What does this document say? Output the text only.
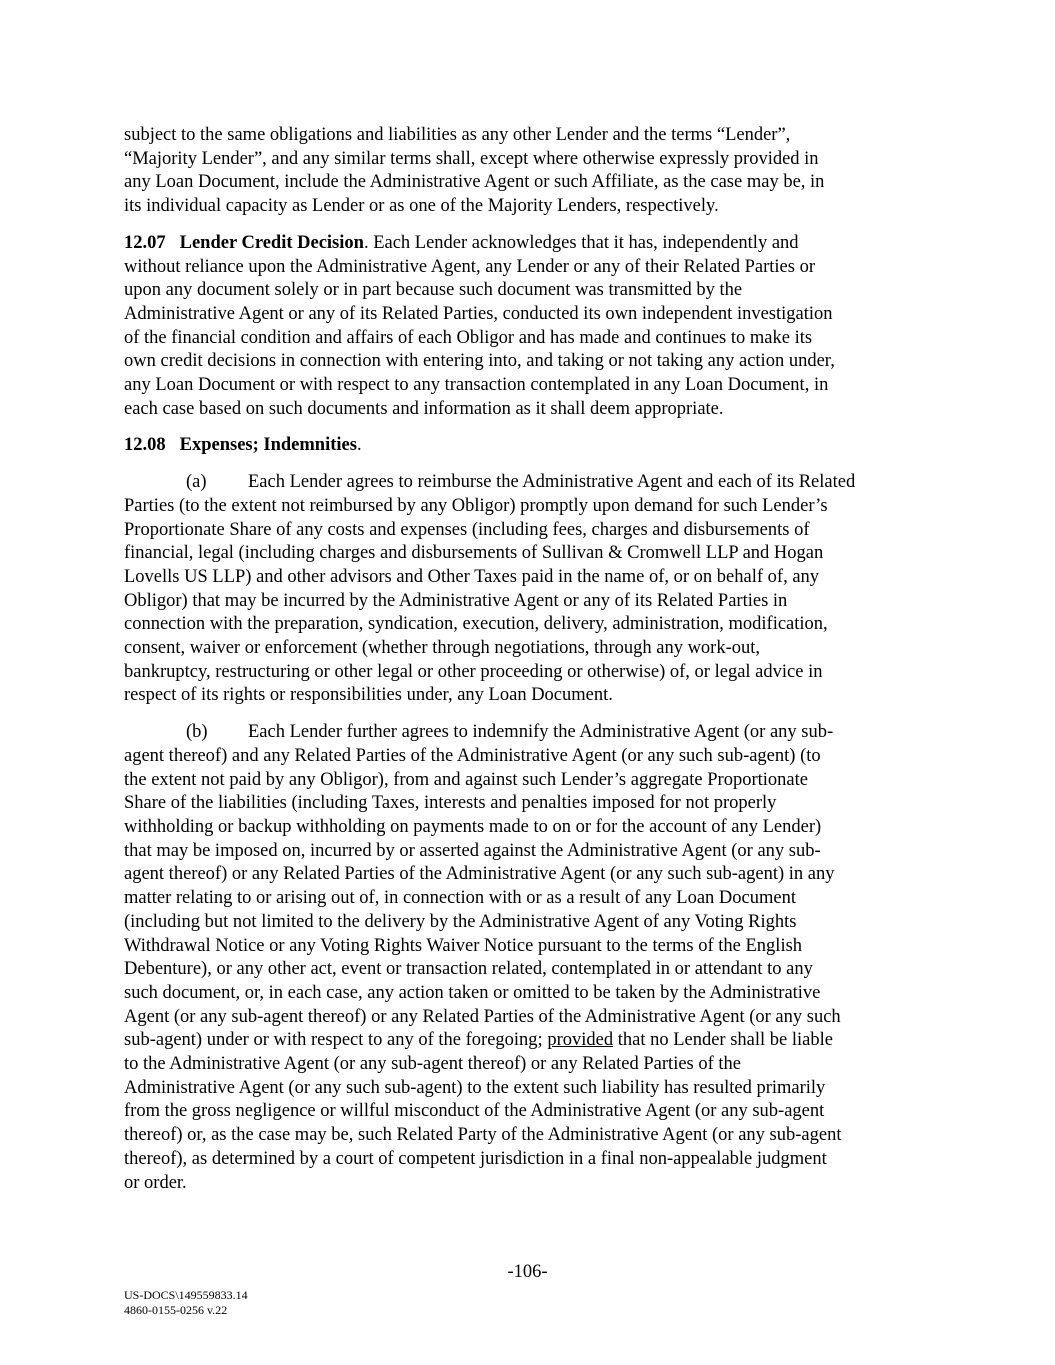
subject to the same obligations and liabilities as any other Lender and the terms “Lender”,
“Majority Lender”, and any similar terms shall, except where otherwise expressly provided in
any Loan Document, include the Administrative Agent or such Affiliate, as the case may be, in
its individual capacity as Lender or as one of the Majority Lenders, respectively.

12.07 Lender Credit Decision. Each Lender acknowledges that it has, independently and
without reliance upon the Administrative Agent, any Lender or any of their Related Parties or
upon any document solely or in part because such document was transmitted by the
Administrative Agent or any of its Related Parties, conducted its own independent investigation
of the financial condition and affairs of each Obligor and has made and continues to make its
own credit decisions in connection with entering into, and taking or not taking any action under,
any Loan Document or with respect to any transaction contemplated in any Loan Document, in
each case based on such documents and information as it shall deem appropriate.

12.08 Expenses; Indemnities.

(a) Each Lender agrees to reimburse the Administrative Agent and each of its Related
Parties (to the extent not reimbursed by any Obligor) promptly upon demand for such Lender’s
Proportionate Share of any costs and expenses (including fees, charges and disbursements of
financial, legal (including charges and disbursements of Sullivan & Cromwell LLP and Hogan
Lovells US LLP) and other advisors and Other Taxes paid in the name of, or on behalf of, any
Obligor) that may be incurred by the Administrative Agent or any of its Related Parties in
connection with the preparation, syndication, execution, delivery, administration, modification,
consent, waiver or enforcement (whether through negotiations, through any work-out,
bankruptcy, restructuring or other legal or other proceeding or otherwise) of, or legal advice in
respect of its rights or responsibilities under, any Loan Document.

(b) Each Lender further agrees to indemnify the Administrative Agent (or any sub-
agent thereof) and any Related Parties of the Administrative Agent (or any such sub-agent) (to
the extent not paid by any Obligor), from and against such Lender’s aggregate Proportionate
Share of the liabilities (including Taxes, interests and penalties imposed for not properly
withholding or backup withholding on payments made to on or for the account of any Lender)
that may be imposed on, incurred by or asserted against the Administrative Agent (or any sub-
agent thereof) or any Related Parties of the Administrative Agent (or any such sub-agent) in any
matter relating to or arising out of, in connection with or as a result of any Loan Document
(including but not limited to the delivery by the Administrative Agent of any Voting Rights
Withdrawal Notice or any Voting Rights Waiver Notice pursuant to the terms of the English
Debenture), or any other act, event or transaction related, contemplated in or attendant to any
such document, or, in each case, any action taken or omitted to be taken by the Administrative
Agent (or any sub-agent thereof) or any Related Parties of the Administrative Agent (or any such
sub-agent) under or with respect to any of the foregoing; provided that no Lender shall be liable
to the Administrative Agent (or any sub-agent thereof) or any Related Parties of the
Administrative Agent (or any such sub-agent) to the extent such liability has resulted primarily
from the gross negligence or willful misconduct of the Administrative Agent (or any sub-agent
thereof) or, as the case may be, such Related Party of the Administrative Agent (or any sub-agent
thereof), as determined by a court of competent jurisdiction in a final non-appealable judgment
or order.

-106-
US-DOCS\149559833.14
4860-0155-0256 v.22
